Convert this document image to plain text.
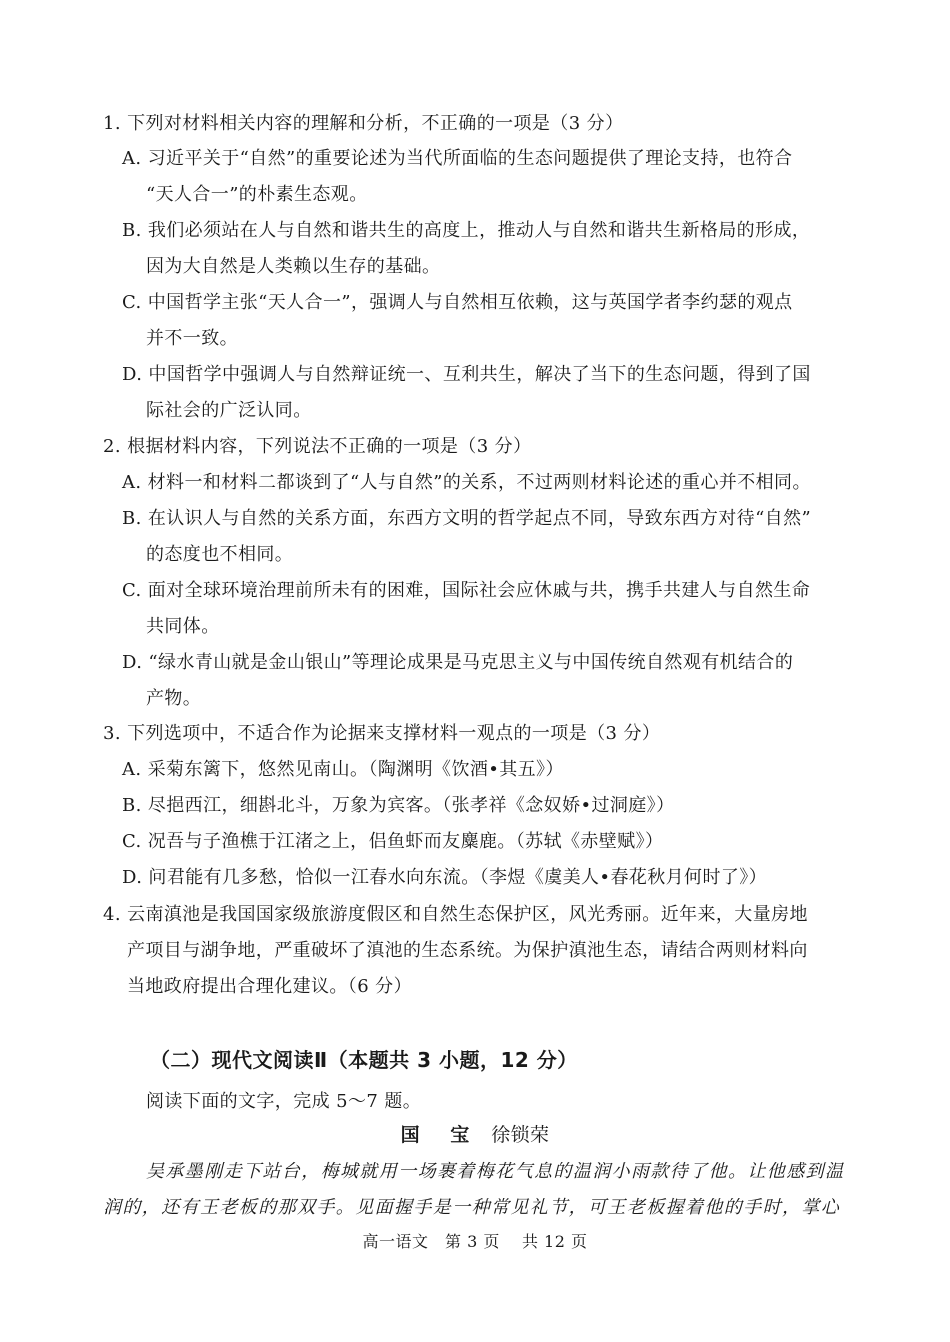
1. 下列对材料相关内容的理解和分析，不正确的一项是（3 分）
A. 习近平关于“自然”的重要论述为当代所面临的生态问题提供了理论支持，也符合
“天人合一”的朴素生态观。
B. 我们必须站在人与自然和谐共生的高度上，推动人与自然和谐共生新格局的形成，
因为大自然是人类赖以生存的基础。
C. 中国哲学主张“天人合一”，强调人与自然相互依赖，这与英国学者李约瑟的观点
并不一致。
D. 中国哲学中强调人与自然辩证统一、互利共生，解决了当下的生态问题，得到了国
际社会的广泛认同。
2. 根据材料内容，下列说法不正确的一项是（3 分）
A. 材料一和材料二都谈到了“人与自然”的关系，不过两则材料论述的重心并不相同。
B. 在认识人与自然的关系方面，东西方文明的哲学起点不同，导致东西方对待“自然”
的态度也不相同。
C. 面对全球环境治理前所未有的困难，国际社会应休戚与共，携手共建人与自然生命
共同体。
D. “绿水青山就是金山银山”等理论成果是马克思主义与中国传统自然观有机结合的
产物。
3. 下列选项中，不适合作为论据来支撑材料一观点的一项是（3 分）
A. 采菊东篱下，悠然见南山。（陶渊明《饮酒•其五》）
B. 尽挹西江，细斟北斗，万象为宾客。（张孝祥《念奴娇•过洞庭》）
C. 况吾与子渔樵于江渚之上，侣鱼虾而友麋鹿。（苏轼《赤壁赋》）
D. 问君能有几多愁，恰似一江春水向东流。（李煜《虞美人•春花秋月何时了》）
4. 云南滇池是我国国家级旅游度假区和自然生态保护区，风光秀丽。近年来，大量房地
产项目与湖争地，严重破坏了滇池的生态系统。为保护滇池生态，请结合两则材料向
当地政府提出合理化建议。（6 分）
（二）现代文阅读Ⅱ（本题共 3 小题，12 分）
阅读下面的文字，完成 5～7 题。
国 宝 徐锁荣
吴承墨刚走下站台，梅城就用一场裹着梅花气息的温润小雨款待了他。让他感到温
润的，还有王老板的那双手。见面握手是一种常见礼节，可王老板握着他的手时，掌心
高一语文　第 3 页　 共 12 页
